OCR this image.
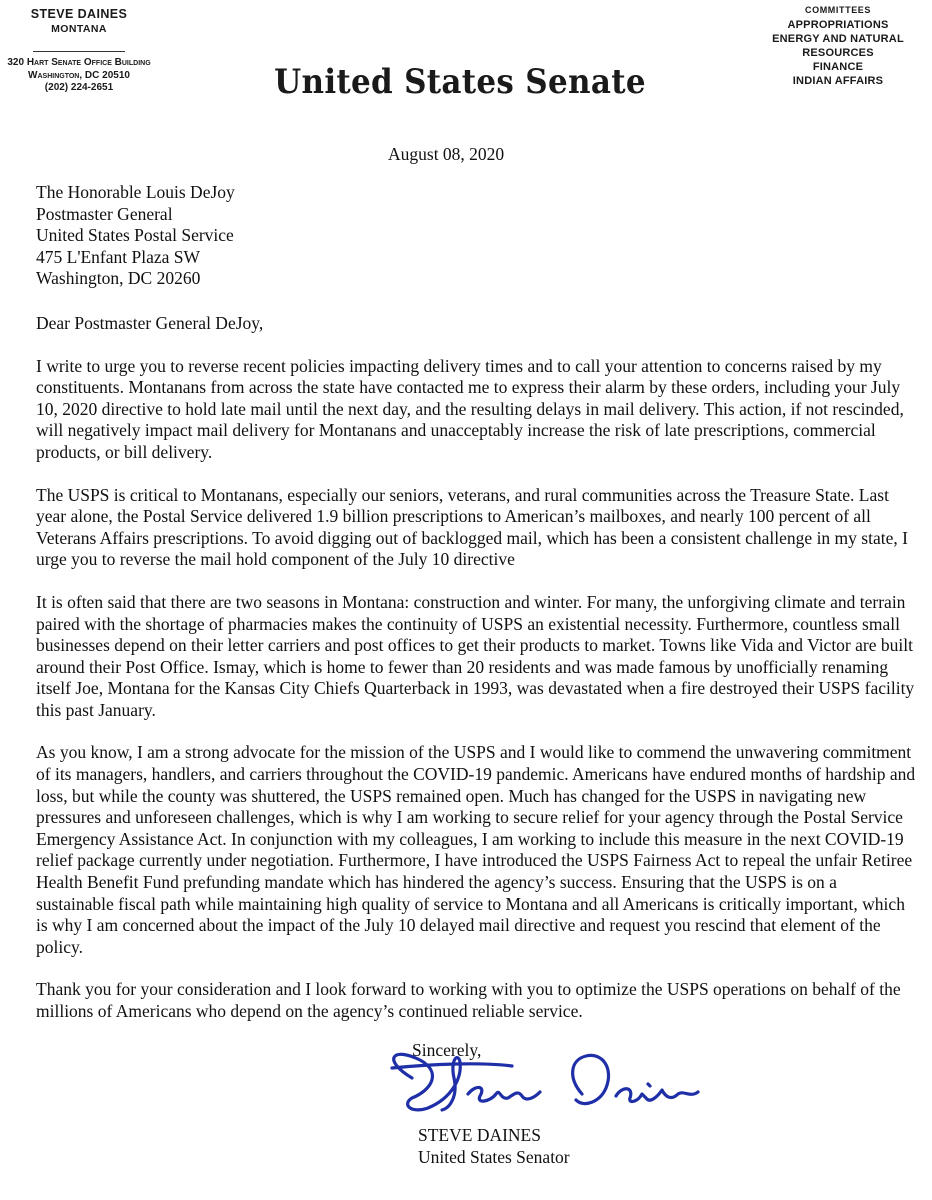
STEVE DAINES
MONTANA
320 Hart Senate Office Building
Washington, DC 20510
(202) 224-2651	United States Senate
COMMITTEES
APPROPRIATIONS
ENERGY AND NATURAL RESOURCES
FINANCE
INDIAN AFFAIRS
August 08, 2020
The Honorable Louis DeJoy
Postmaster General
United States Postal Service
475 L'Enfant Plaza SW
Washington, DC 20260
Dear Postmaster General DeJoy,
I write to urge you to reverse recent policies impacting delivery times and to call your attention to concerns raised by my constituents. Montanans from across the state have contacted me to express their alarm by these orders, including your July 10, 2020 directive to hold late mail until the next day, and the resulting delays in mail delivery. This action, if not rescinded, will negatively impact mail delivery for Montanans and unacceptably increase the risk of late prescriptions, commercial products, or bill delivery.
The USPS is critical to Montanans, especially our seniors, veterans, and rural communities across the Treasure State. Last year alone, the Postal Service delivered 1.9 billion prescriptions to American’s mailboxes, and nearly 100 percent of all Veterans Affairs prescriptions. To avoid digging out of backlogged mail, which has been a consistent challenge in my state, I urge you to reverse the mail hold component of the July 10 directive
It is often said that there are two seasons in Montana: construction and winter. For many, the unforgiving climate and terrain paired with the shortage of pharmacies makes the continuity of USPS an existential necessity. Furthermore, countless small businesses depend on their letter carriers and post offices to get their products to market. Towns like Vida and Victor are built around their Post Office. Ismay, which is home to fewer than 20 residents and was made famous by unofficially renaming itself Joe, Montana for the Kansas City Chiefs Quarterback in 1993, was devastated when a fire destroyed their USPS facility this past January.
As you know, I am a strong advocate for the mission of the USPS and I would like to commend the unwavering commitment of its managers, handlers, and carriers throughout the COVID-19 pandemic. Americans have endured months of hardship and loss, but while the county was shuttered, the USPS remained open. Much has changed for the USPS in navigating new pressures and unforeseen challenges, which is why I am working to secure relief for your agency through the Postal Service Emergency Assistance Act. In conjunction with my colleagues, I am working to include this measure in the next COVID-19 relief package currently under negotiation. Furthermore, I have introduced the USPS Fairness Act to repeal the unfair Retiree Health Benefit Fund prefunding mandate which has hindered the agency’s success. Ensuring that the USPS is on a sustainable fiscal path while maintaining high quality of service to Montana and all Americans is critically important, which is why I am concerned about the impact of the July 10 delayed mail directive and request you rescind that element of the policy.
Thank you for your consideration and I look forward to working with you to optimize the USPS operations on behalf of the millions of Americans who depend on the agency’s continued reliable service.
Sincerely,
STEVE DAINES
United States Senator
